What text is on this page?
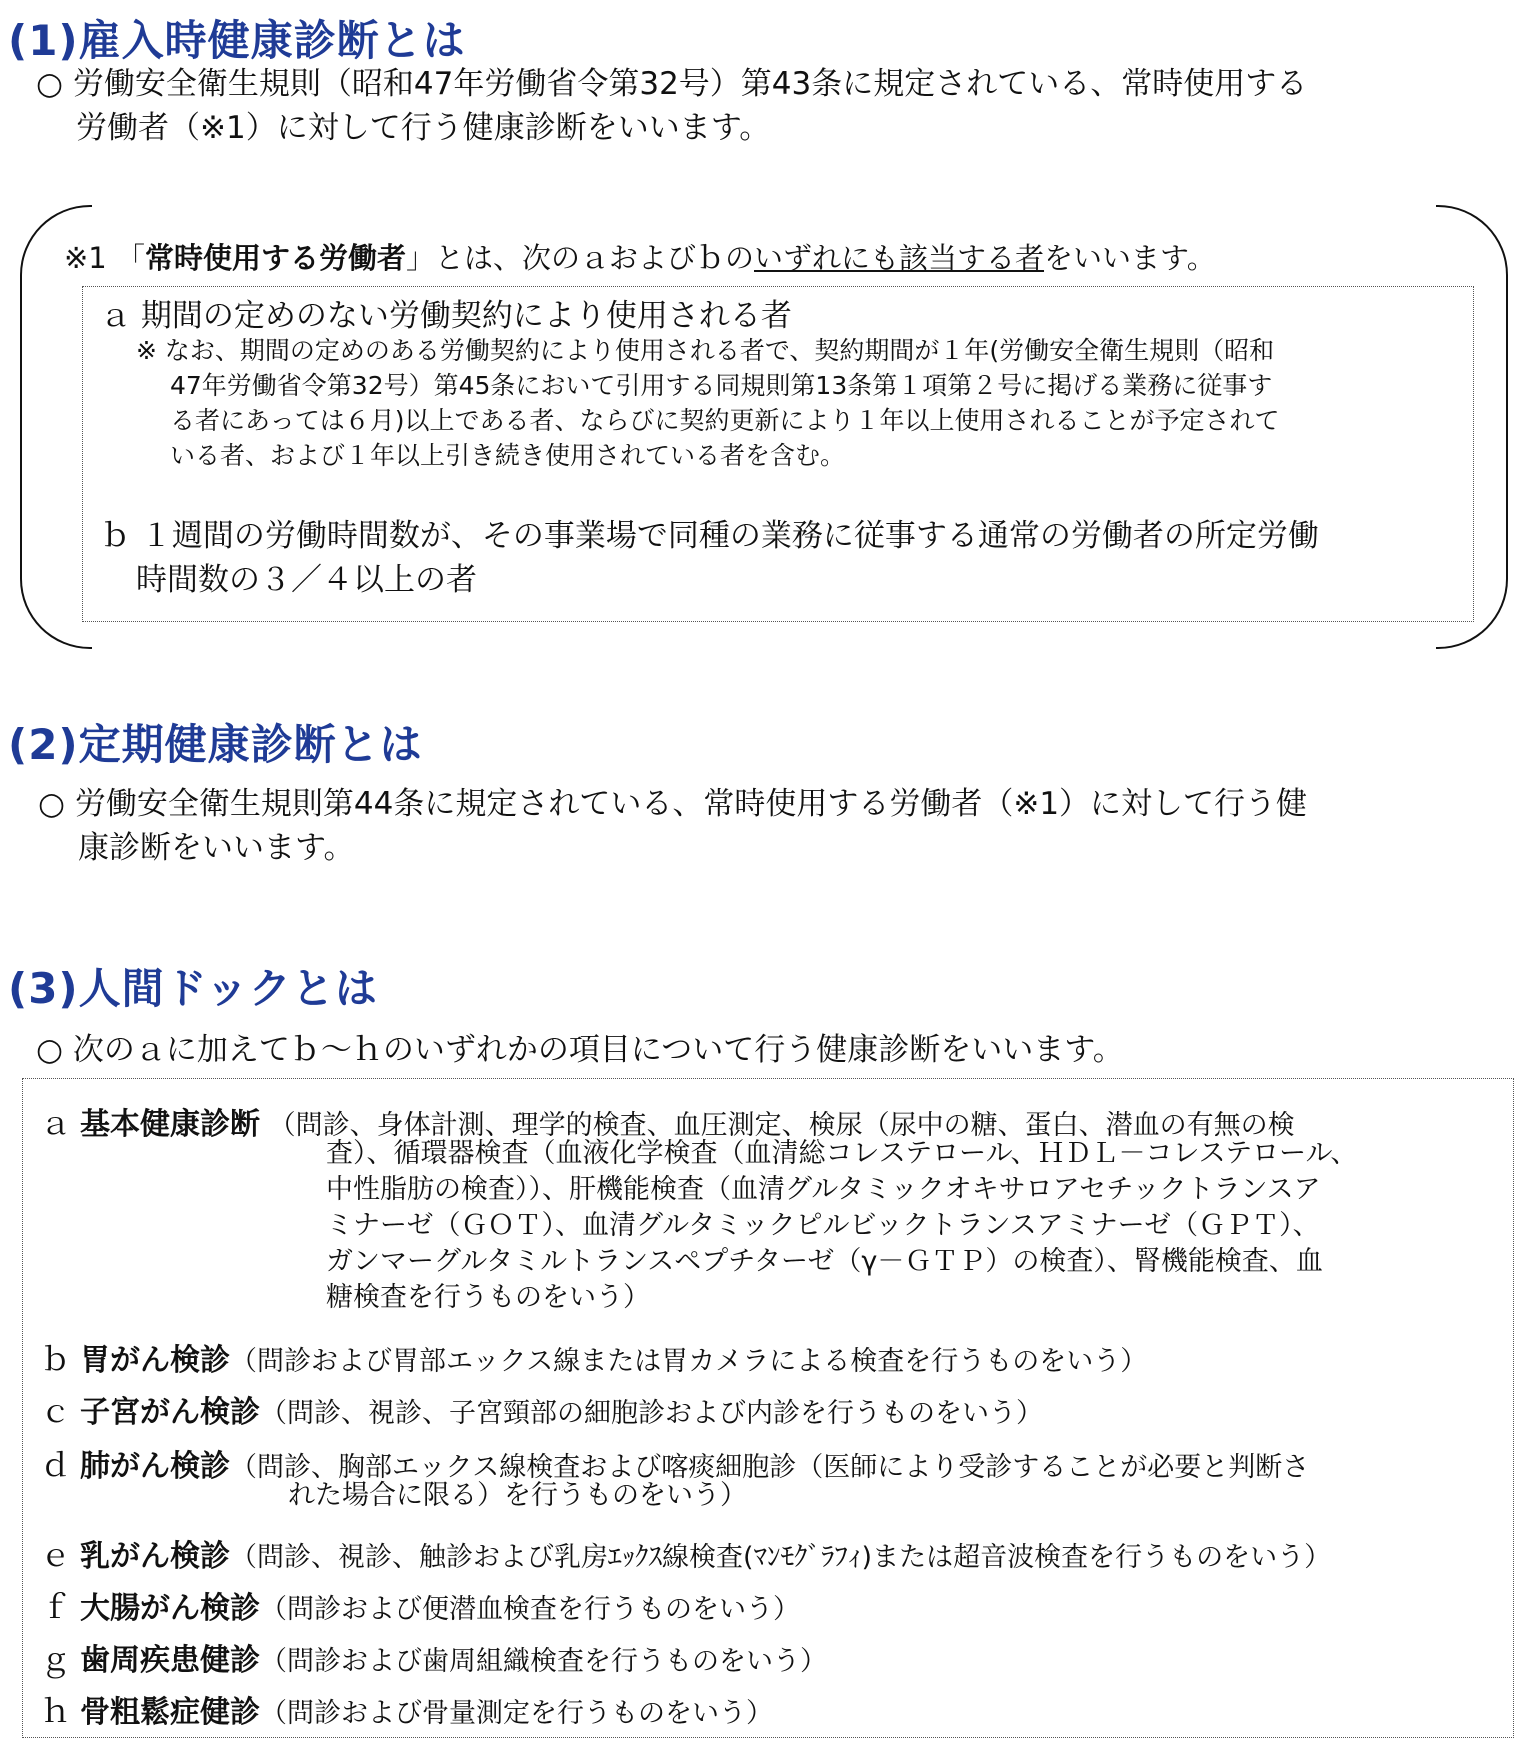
(1)雇入時健康診断とは
○ 労働安全衛生規則（昭和47年労働省令第32号）第43条に規定されている、常時使用する
労働者（※1）に対して行う健康診断をいいます。
※1 「常時使用する労働者」とは、次のａおよびｂのいずれにも該当する者をいいます。
ａ 期間の定めのない労働契約により使用される者
※ なお、期間の定めのある労働契約により使用される者で、契約期間が１年(労働安全衛生規則（昭和
47年労働省令第32号）第45条において引用する同規則第13条第１項第２号に掲げる業務に従事す
る者にあっては６月)以上である者、ならびに契約更新により１年以上使用されることが予定されて
いる者、および１年以上引き続き使用されている者を含む。
ｂ １週間の労働時間数が、その事業場で同種の業務に従事する通常の労働者の所定労働
時間数の３／４以上の者
(2)定期健康診断とは
○ 労働安全衛生規則第44条に規定されている、常時使用する労働者（※1）に対して行う健
康診断をいいます。
(3)人間ドックとは
○ 次のａに加えてｂ～ｈのいずれかの項目について行う健康診断をいいます。
ａ 基本健康診断 （問診、身体計測、理学的検査、血圧測定、検尿（尿中の糖、蛋白、潜血の有無の検
査）、循環器検査（血液化学検査（血清総コレステロール、ＨＤＬ－コレステロール、
中性脂肪の検査））、肝機能検査（血清グルタミックオキサロアセチックトランスア
ミナーゼ（ＧＯＴ）、血清グルタミックピルビックトランスアミナーゼ（ＧＰＴ）、
ガンマーグルタミルトランスペプチターゼ（γ－ＧＴＰ）の検査）、腎機能検査、血
糖検査を行うものをいう）
ｂ 胃がん検診（問診および胃部エックス線または胃カメラによる検査を行うものをいう）
ｃ 子宮がん検診（問診、視診、子宮頸部の細胞診および内診を行うものをいう）
ｄ 肺がん検診（問診、胸部エックス線検査および喀痰細胞診（医師により受診することが必要と判断さ
れた場合に限る）を行うものをいう）
ｅ 乳がん検診（問診、視診、触診および乳房ｴｯｸｽ線検査(ﾏﾝﾓｸﾞﾗﾌｨ)または超音波検査を行うものをいう）
ｆ 大腸がん検診（問診および便潜血検査を行うものをいう）
ｇ 歯周疾患健診（問診および歯周組織検査を行うものをいう）
ｈ 骨粗鬆症健診（問診および骨量測定を行うものをいう）
